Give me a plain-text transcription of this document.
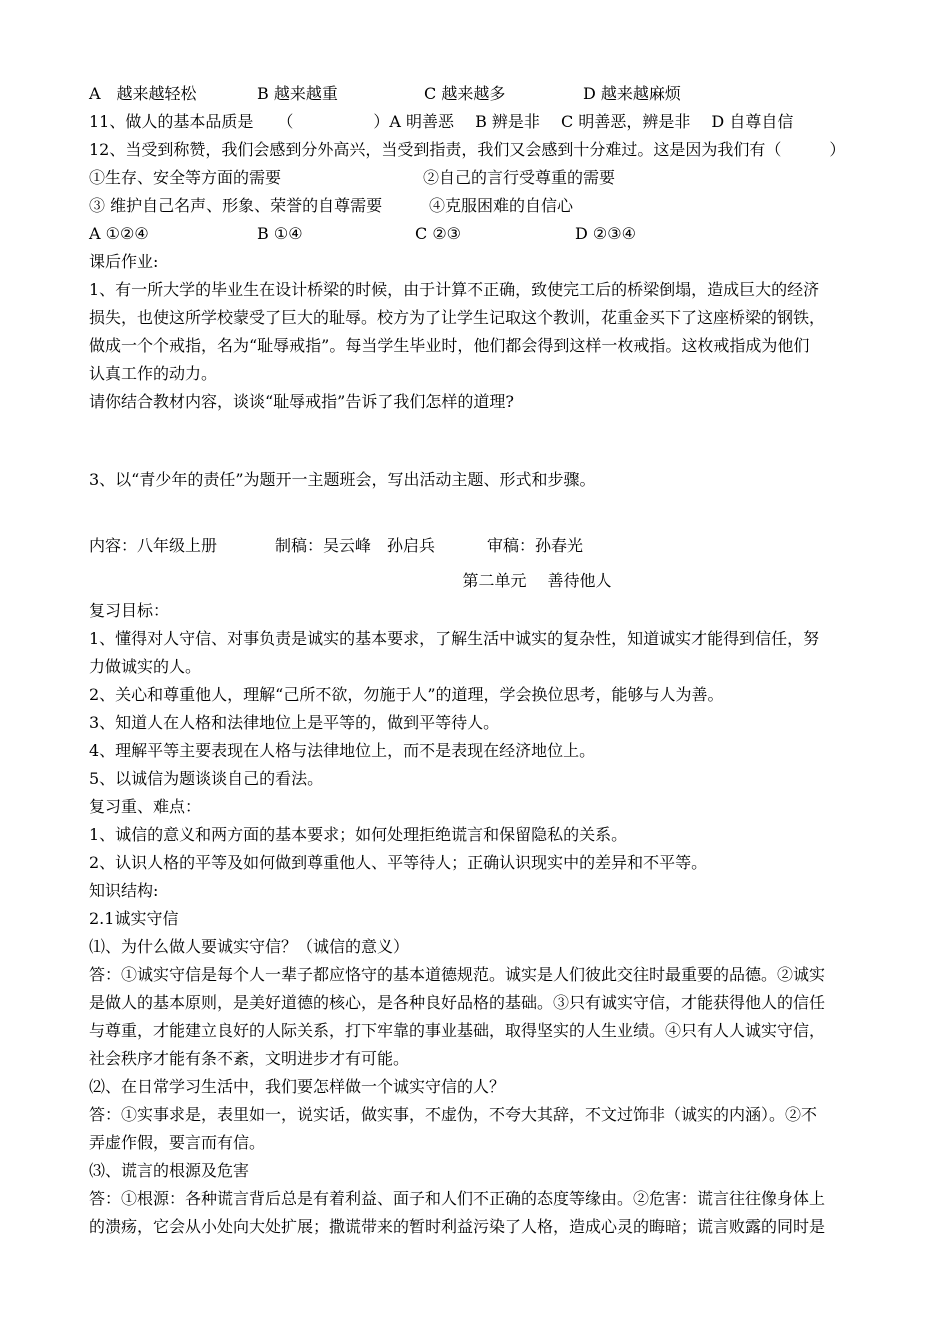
A　越来越轻松	B 越来越重	C 越来越多	D 越来越麻烦
11、做人的基本品质是　　（　　　　　）A 明善恶　 B 辨是非　 C 明善恶，辨是非　 D 自尊自信
12、当受到称赞，我们会感到分外高兴，当受到指责，我们又会感到十分难过。这是因为我们有（　　　）
①生存、安全等方面的需要	②自己的言行受尊重的需要
③ 维护自己名声、形象、荣誉的自尊需要	④克服困难的自信心
A ①②④	B ①④	C ②③	D ②③④
课后作业:
1、有一所大学的毕业生在设计桥梁的时候，由于计算不正确，致使完工后的桥梁倒塌，造成巨大的经济
损失，也使这所学校蒙受了巨大的耻辱。校方为了让学生记取这个教训，花重金买下了这座桥梁的钢铁，
做成一个个戒指，名为“耻辱戒指”。每当学生毕业时，他们都会得到这样一枚戒指。这枚戒指成为他们
认真工作的动力。
请你结合教材内容，谈谈“耻辱戒指”告诉了我们怎样的道理?
3、以“青少年的责任”为题开一主题班会，写出活动主题、形式和步骤。
内容：八年级上册	制稿：吴云峰　孙启兵	审稿：孙春光
第二单元　 善待他人
复习目标：
1、懂得对人守信、对事负责是诚实的基本要求，了解生活中诚实的复杂性，知道诚实才能得到信任，努
力做诚实的人。
2、关心和尊重他人，理解“己所不欲，勿施于人”的道理，学会换位思考，能够与人为善。
3、知道人在人格和法律地位上是平等的，做到平等待人。
4、理解平等主要表现在人格与法律地位上，而不是表现在经济地位上。
5、以诚信为题谈谈自己的看法。
复习重、难点：
1、诚信的意义和两方面的基本要求；如何处理拒绝谎言和保留隐私的关系。
2、认识人格的平等及如何做到尊重他人、平等待人；正确认识现实中的差异和不平等。
知识结构:
2.1诚实守信
⑴、为什么做人要诚实守信？（诚信的意义）
答：①诚实守信是每个人一辈子都应恪守的基本道德规范。诚实是人们彼此交往时最重要的品德。②诚实
是做人的基本原则，是美好道德的核心，是各种良好品格的基础。③只有诚实守信，才能获得他人的信任
与尊重，才能建立良好的人际关系，打下牢靠的事业基础，取得坚实的人生业绩。④只有人人诚实守信，
社会秩序才能有条不紊，文明进步才有可能。
⑵、在日常学习生活中，我们要怎样做一个诚实守信的人？
答：①实事求是，表里如一，说实话，做实事，不虚伪，不夸大其辞，不文过饰非（诚实的内涵）。②不
弄虚作假，要言而有信。
⑶、谎言的根源及危害
答：①根源：各种谎言背后总是有着利益、面子和人们不正确的态度等缘由。②危害：谎言往往像身体上
的溃疡，它会从小处向大处扩展；撒谎带来的暂时利益污染了人格，造成心灵的晦暗；谎言败露的同时是
